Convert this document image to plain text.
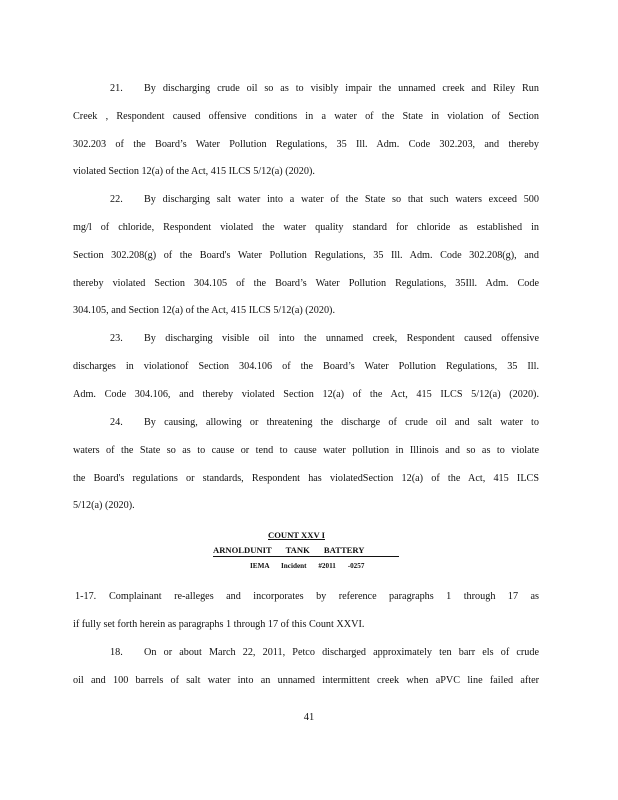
21. By discharging crude oil so as to visibly impair the unnamed creek and Riley Run
Creek , Respondent caused offensive conditions in a water of the State in violation of Section
302.203 of the Board’s Water Pollution Regulations, 35 Ill. Adm. Code 302.203, and thereby
violated Section 12(a) of the Act, 415 ILCS 5/12(a) (2020).
22. By discharging salt water into a water of the State so that such waters exceed 500
mg/l of chloride, Respondent violated the water quality standard for chloride as established in
Section 302.208(g) of the Board's Water Pollution Regulations, 35 Ill. Adm. Code 302.208(g), and
thereby violated Section 304.105 of the Board’s Water Pollution Regulations, 35Ill. Adm. Code
304.105, and Section 12(a) of the Act, 415 ILCS 5/12(a) (2020).
23. By discharging visible oil into the unnamed creek, Respondent caused offensive
discharges in violationof Section 304.106 of the Board’s Water Pollution Regulations, 35 Ill.
Adm. Code 304.106, and thereby violated Section 12(a) of the Act, 415 ILCS 5/12(a) (2020).
24. By causing, allowing or threatening the discharge of crude oil and salt water to
waters of the State so as to cause or tend to cause water pollution in Illinois and so as to violate
the Board's regulations or standards, Respondent has violatedSection 12(a) of the Act, 415 ILCS
5/12(a) (2020).
COUNT XXV I
ARNOLDUNIT TANK BATTERY
IEMA Incident #2011 -0257
1-17. Complainant re-alleges and incorporates by reference paragraphs 1 through 17 as
if fully set forth herein as paragraphs 1 through 17 of this Count XXVI.
18. On or about March 22, 2011, Petco discharged approximately ten barr els of crude
oil and 100 barrels of salt water into an unnamed intermittent creek when aPVC line failed after
41
